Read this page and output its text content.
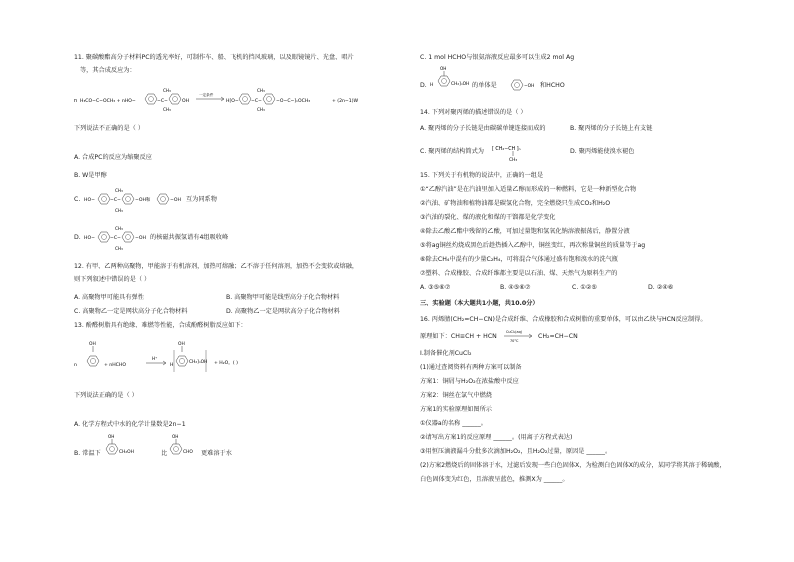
11. 聚碳酸酯高分子材料PC的透光率好，可制作车、船、飞机的挡风玻璃，以及眼镜镜片、光盘、唱片
等，其合成反应为：
n H₃CO−C−OCH₃ + nHO−	−C−
CH₃
CH₃
OH
一定条件
H[O−	−C−
CH₃
CH₃
−O−C−]ₙOCH₃	+ (2n−1)W
下列说法不正确的是（ ）
A. 合成PC的反应为缩聚反应
B. W是甲醇
C. HO−	−C−
CH₃
CH₃
−OH和	−OH 互为同系物
D. HO−	−C−
CH₃
CH₃
−OH 的核磁共振氢谱有4组吸收峰
12. 有甲、乙两种高聚物，甲能溶于有机溶剂，加热可熔融；乙不溶于任何溶剂，加热不会变软或熔融，
则下列叙述中错误的是（ ）
A. 高聚物甲可能具有弹性	B. 高聚物甲可能是线型高分子化合物材料
C. 高聚物乙一定是网状高分子化合物材料	D. 高聚物乙一定是网状高分子化合物材料
13. 酚醛树脂具有绝缘、难燃等性能，合成酚醛树脂反应如下：
n
OH
+ nHCHO
H⁺
H
OH
CH₂]ₙOH + H₂O。( )
下列说法正确的是（ ）
A. 化学方程式中水的化学计量数是2n−1
B. 常温下
OH
CH₂OH
OH
CHO
比	更难溶于水
C. 1 mol HCHO与银氨溶液反应最多可以生成2 mol Ag
D.
OH
H	CH₂]ₙOH 的单体是	−OH 和HCHO
14. 下列对聚丙烯的描述错误的是（ ）
A. 聚丙烯的分子长链是由碳碳单键连接而成的	B. 聚丙烯的分子长链上有支链
C. 聚丙烯的结构简式为 [ CH₂−CH ]ₙ
CH₃
D. 聚丙烯能使溴水褪色
15. 下列关于有机物的说法中，正确的一组是
①“乙醇汽油”是在汽油里加入适量乙醇而形成的一种燃料，它是一种新型化合物
②汽油、矿物油和植物油都是碳氢化合物，完全燃烧只生成CO₂和H₂O
③汽油的裂化、煤的液化和煤的干馏都是化学变化
④除去乙酸乙酯中残留的乙酸，可加过量饱和氢氧化钠溶液振荡后，静置分液
⑤将ag铜丝灼烧成黑色后趁热插入乙醇中，铜丝变红，再次称量铜丝的质量等于ag
⑥除去CH₄中混有的少量C₂H₄，可将混合气体通过盛有饱和溴水的洗气瓶
⑦塑料、合成橡胶、合成纤维都主要是以石油、煤、天然气为原料生产的
A. ③⑤⑥⑦	B. ④⑤⑥⑦	C. ①②⑤	D. ②④⑥
三、实验题（本大题共1小题，共10.0分）
16. 丙烯腈(CH₂=CH−CN)是合成纤维、合成橡胶和合成树脂的重要单体，可以由乙炔与HCN反应制得。
原理如下：CH≡CH + HCN
CuCl₂(aq)
70°C
CH₂=CH−CN
Ⅰ.制备催化剂CuCl₂
(1)通过查阅资料有两种方案可以制备
方案1：铜屑与H₂O₂在浓盐酸中反应
方案2：铜丝在氯气中燃烧
方案1的实验原理如图所示
①仪器a的名称 ______。
②请写出方案1的反应原理 ______。(用离子方程式表达)
③用恒压滴液漏斗分批多次滴加H₂O₂，且H₂O₂过量，原因是 ______。
(2)方案2燃烧后的固体溶于水，过滤后发现一些白色固体X，为检测白色固体X的成分，某同学将其溶于稀硫酸，
白色固体变为红色，且溶液呈蓝色，推测X为 ______。
